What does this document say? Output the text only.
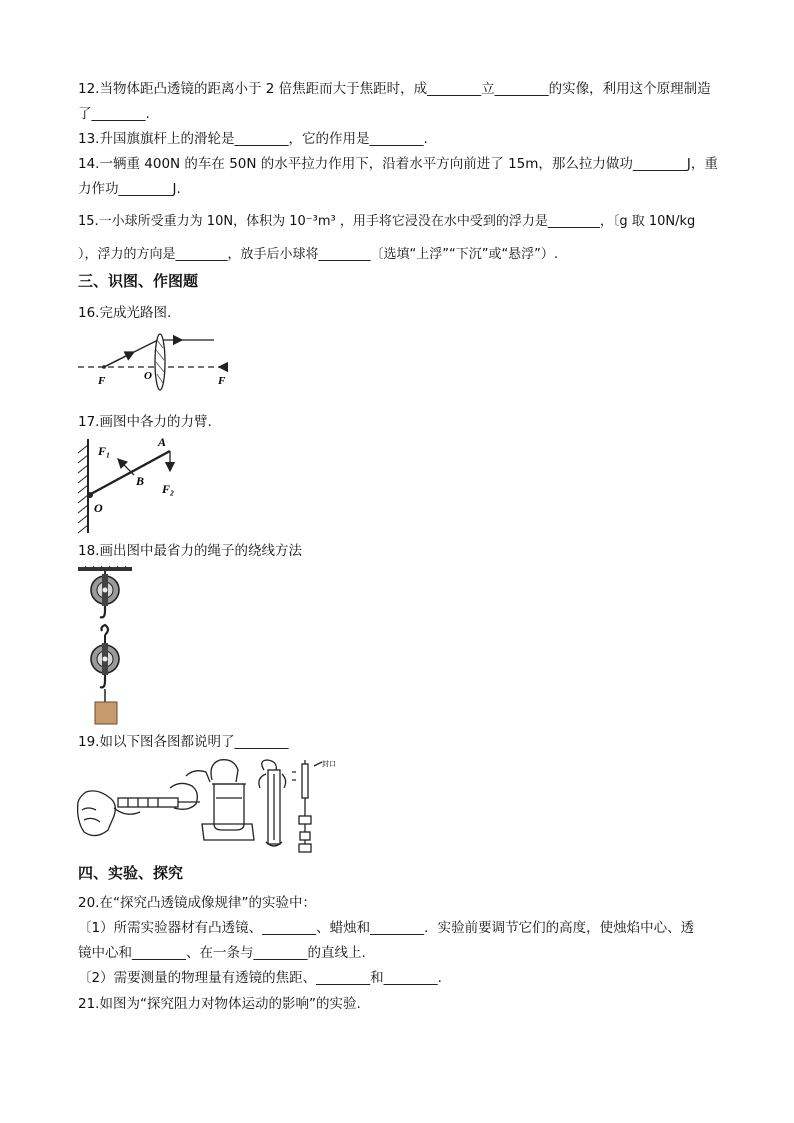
12.当物体距凸透镜的距离小于 2 倍焦距而大于焦距时，成________立________的实像，利用这个原理制造
了________.
13.升国旗旗杆上的滑轮是________，它的作用是________.
14.一辆重 400N 的车在 50N 的水平拉力作用下，沿着水平方向前进了 15m，那么拉力做功________J，重
力作功________J.
15.一小球所受重力为 10N，体积为 10⁻³m³ ，用手将它浸没在水中受到的浮力是________，〔g 取 10N/kg
），浮力的方向是________，放手后小球将________〔选填“上浮”“下沉”或“悬浮”）.
三、识图、作图题
16.完成光路图.
F	O	F
17.画图中各力的力臂.
F₁
A
B
F₂
O
18.画出图中最省力的绳子的绕线方法
19.如以下图各图都说明了________
封口
四、实验、探究
20.在“探究凸透镜成像规律”的实验中：
〔1）所需实验器材有凸透镜、________、蜡烛和________．实验前要调节它们的高度，使烛焰中心、透
镜中心和________、在一条与________的直线上.
〔2）需要测量的物理量有透镜的焦距、________和________.
21.如图为“探究阻力对物体运动的影响”的实验.
